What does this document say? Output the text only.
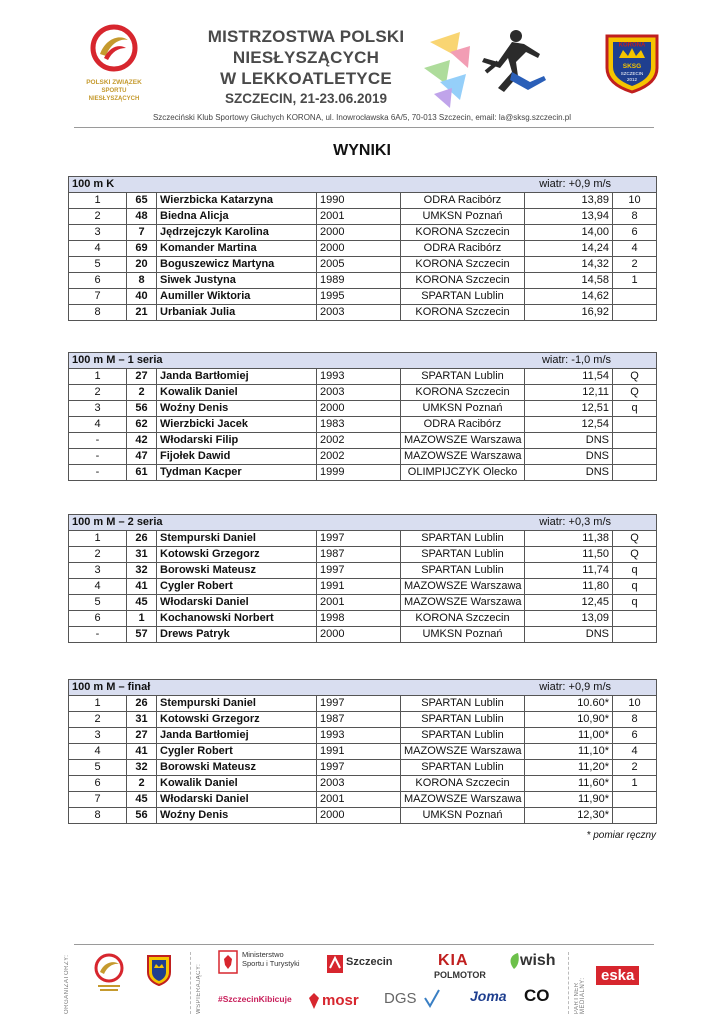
POLSKI ZWIĄZEK
SPORTU NIESŁYSZĄCYCH
MISTRZOSTWA POLSKI
NIESŁYSZĄCYCH
W LEKKOATLETYCE
SZCZECIN, 21-23.06.2019
KORONA
SKSG
SZCZECIN
2012
Szczeciński Klub Sportowy Głuchych KORONA, ul. Inowrocławska 6A/5, 70-013 Szczecin, email: la@sksg.szczecin.pl
WYNIKI
100 m K wiatr: +0,9 m/s						

1	65	Wierzbicka Katarzyna	1990	ODRA Racibórz	13,89	10
2	48	Biedna Alicja	2001	UMKSN Poznań	13,94	8
3	7	Jędrzejczyk Karolina	2000	KORONA Szczecin	14,00	6
4	69	Komander Martina	2000	ODRA Racibórz	14,24	4
5	20	Boguszewicz Martyna	2005	KORONA Szczecin	14,32	2
6	8	Siwek Justyna	1989	KORONA Szczecin	14,58	1
7	40	Aumiller Wiktoria	1995	SPARTAN Lublin	14,62	
8	21	Urbaniak Julia	2003	KORONA Szczecin	16,92	
100 m M – 1 seria wiatr: -1,0 m/s						

1	27	Janda Bartłomiej	1993	SPARTAN Lublin	11,54	Q
2	2	Kowalik Daniel	2003	KORONA Szczecin	12,11	Q
3	56	Woźny Denis	2000	UMKSN Poznań	12,51	q
4	62	Wierzbicki Jacek	1983	ODRA Racibórz	12,54	
-	42	Włodarski Filip	2002	MAZOWSZE Warszawa	DNS	
-	47	Fijołek Dawid	2002	MAZOWSZE Warszawa	DNS	
-	61	Tydman Kacper	1999	OLIMPIJCZYK Olecko	DNS	
100 m M – 2 seria wiatr: +0,3 m/s						

1	26	Stempurski Daniel	1997	SPARTAN Lublin	11,38	Q
2	31	Kotowski Grzegorz	1987	SPARTAN Lublin	11,50	Q
3	32	Borowski Mateusz	1997	SPARTAN Lublin	11,74	q
4	41	Cygler Robert	1991	MAZOWSZE Warszawa	11,80	q
5	45	Włodarski Daniel	2001	MAZOWSZE Warszawa	12,45	q
6	1	Kochanowski Norbert	1998	KORONA Szczecin	13,09	
-	57	Drews Patryk	2000	UMKSN Poznań	DNS	
100 m M – finał wiatr: +0,9 m/s						

1	26	Stempurski Daniel	1997	SPARTAN Lublin	10.60*	10
2	31	Kotowski Grzegorz	1987	SPARTAN Lublin	10,90*	8
3	27	Janda Bartłomiej	1993	SPARTAN Lublin	11,00*	6
4	41	Cygler Robert	1991	MAZOWSZE Warszawa	11,10*	4
5	32	Borowski Mateusz	1997	SPARTAN Lublin	11,20*	2
6	2	Kowalik Daniel	2003	KORONA Szczecin	11,60*	1
7	45	Włodarski Daniel	2001	MAZOWSZE Warszawa	11,90*	
8	56	Woźny Denis	2000	UMKSN Poznań	12,30*	
* pomiar ręczny
ORGANIZATORZY:	WSPIERAJĄCY:
Ministerstwo
Sportu i Turystyki
#SzczecinKibicuje
Szczecin
mosr
KIA
POLMOTOR
DGS	Joma
wish
CO	PARTNER MEDIALNY:
eska
